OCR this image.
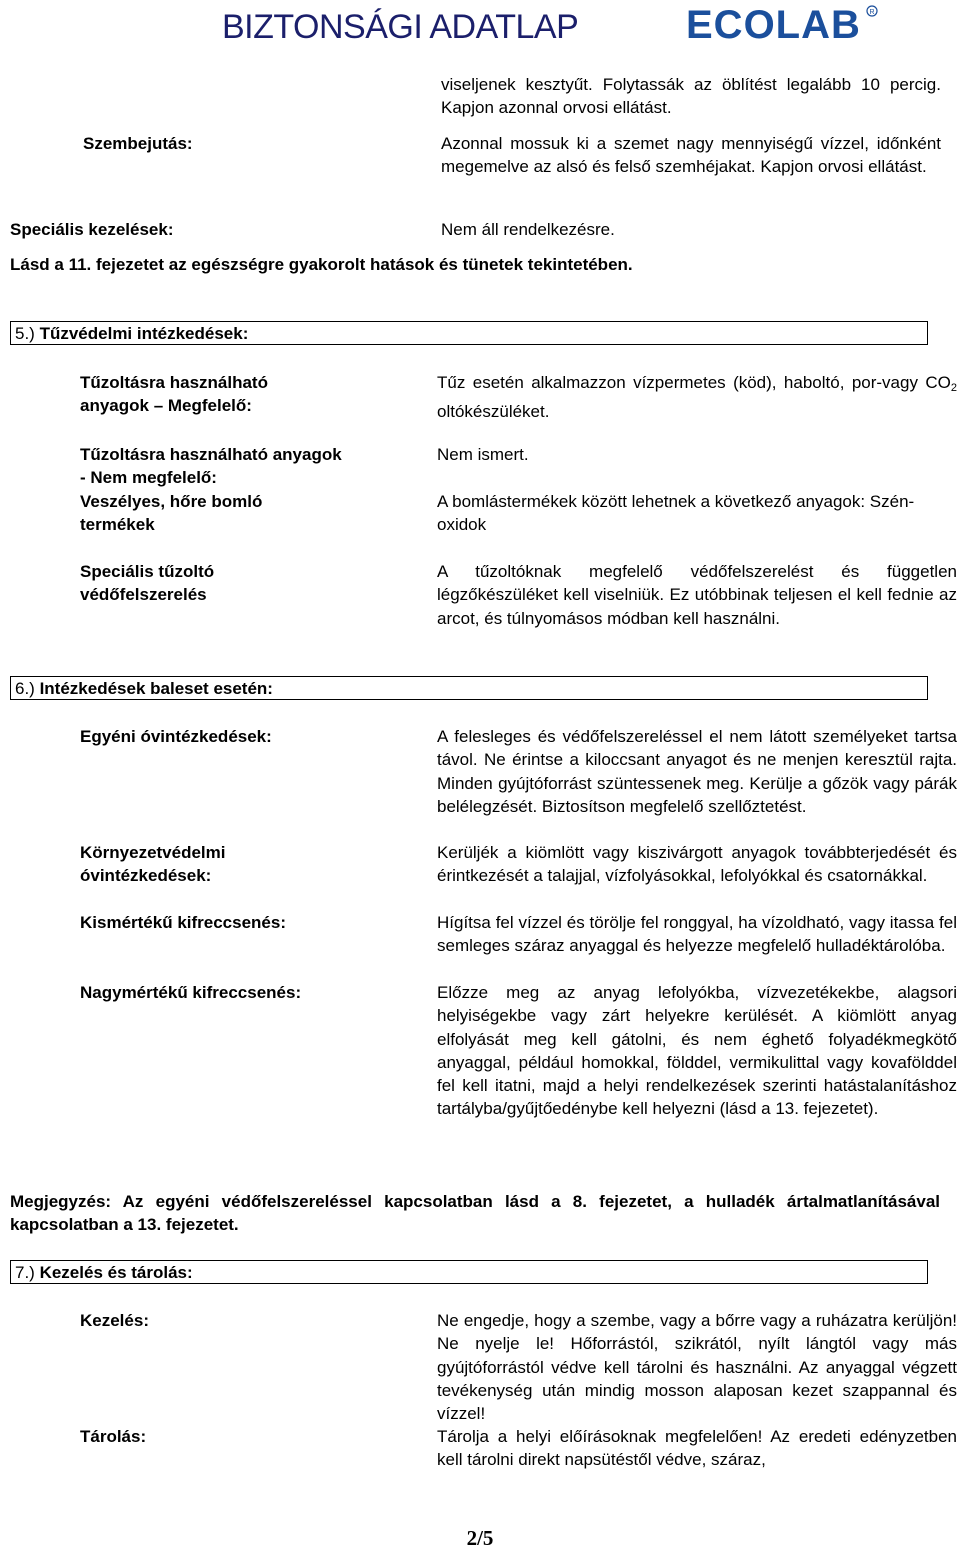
BIZTONSÁGI ADATLAP	ECOLAB R
viseljenek kesztyűt. Folytassák az öblítést legalább 10 percig. Kapjon azonnal orvosi ellátást.
Szembejutás:	Azonnal mossuk ki a szemet nagy mennyiségű vízzel, időnként megemelve az alsó és felső szemhéjakat. Kapjon orvosi ellátást.
Speciális kezelések:	Nem áll rendelkezésre.
Lásd a 11. fejezetet az egészségre gyakorolt hatások és tünetek tekintetében.
5.) Tűzvédelmi intézkedések:
Tűzoltásra használható anyagok – Megfelelő:
Tűz esetén alkalmazzon vízpermetes (köd), haboltó, por-vagy $CO_2$ oltókészüléket.
Tűzoltásra használható anyagok - Nem megfelelő:
Nem ismert.
Veszélyes, hőre bomló termékek
A bomlástermékek között lehetnek a következő anyagok: Szén-oxidok
Speciális tűzoltó védőfelszerelés
A tűzoltóknak megfelelő védőfelszerelést és független légzőkészüléket kell viselniük. Ez utóbbinak teljesen el kell fednie az arcot, és túlnyomásos módban kell használni.
6.) Intézkedések baleset esetén:
Egyéni óvintézkedések:	A felesleges és védőfelszereléssel el nem látott személyeket tartsa távol. Ne érintse a kiloccsant anyagot és ne menjen keresztül rajta. Minden gyújtóforrást szüntessenek meg. Kerülje a gőzök vagy párák belélegzését. Biztosítson megfelelő szellőztetést.
Környezetvédelmi óvintézkedések:
Kerüljék a kiömlött vagy kiszivárgott anyagok továbbterjedését és érintkezését a talajjal, vízfolyásokkal, lefolyókkal és csatornákkal.
Kismértékű kifreccsenés:	Hígítsa fel vízzel és törölje fel ronggyal, ha vízoldható, vagy itassa fel semleges száraz anyaggal és helyezze megfelelő hulladéktárolóba.
Nagymértékű kifreccsenés:	Előzze meg az anyag lefolyókba, vízvezetékekbe, alagsori helyiségekbe vagy zárt helyekre kerülését. A kiömlött anyag elfolyását meg kell gátolni, és nem éghető folyadékmegkötő anyaggal, például homokkal, földdel, vermikulittal vagy kovafölddel fel kell itatni, majd a helyi rendelkezések szerinti hatástalanításhoz tartályba/gyűjtőedénybe kell helyezni (lásd a 13. fejezetet).
Megjegyzés: Az egyéni védőfelszereléssel kapcsolatban lásd a 8. fejezetet, a hulladék ártalmatlanításával kapcsolatban a 13. fejezetet.
7.) Kezelés és tárolás:
Kezelés:	Ne engedje, hogy a szembe, vagy a bőrre vagy a ruházatra kerüljön! Ne nyelje le! Hőforrástól, szikrától, nyílt lángtól vagy más gyújtóforrástól védve kell tárolni és használni. Az anyaggal végzett tevékenység után mindig mosson alaposan kezet szappannal és vízzel!
Tárolás:	Tárolja a helyi előírásoknak megfelelően! Az eredeti edényzetben kell tárolni direkt napsütéstől védve, száraz,
2/5
